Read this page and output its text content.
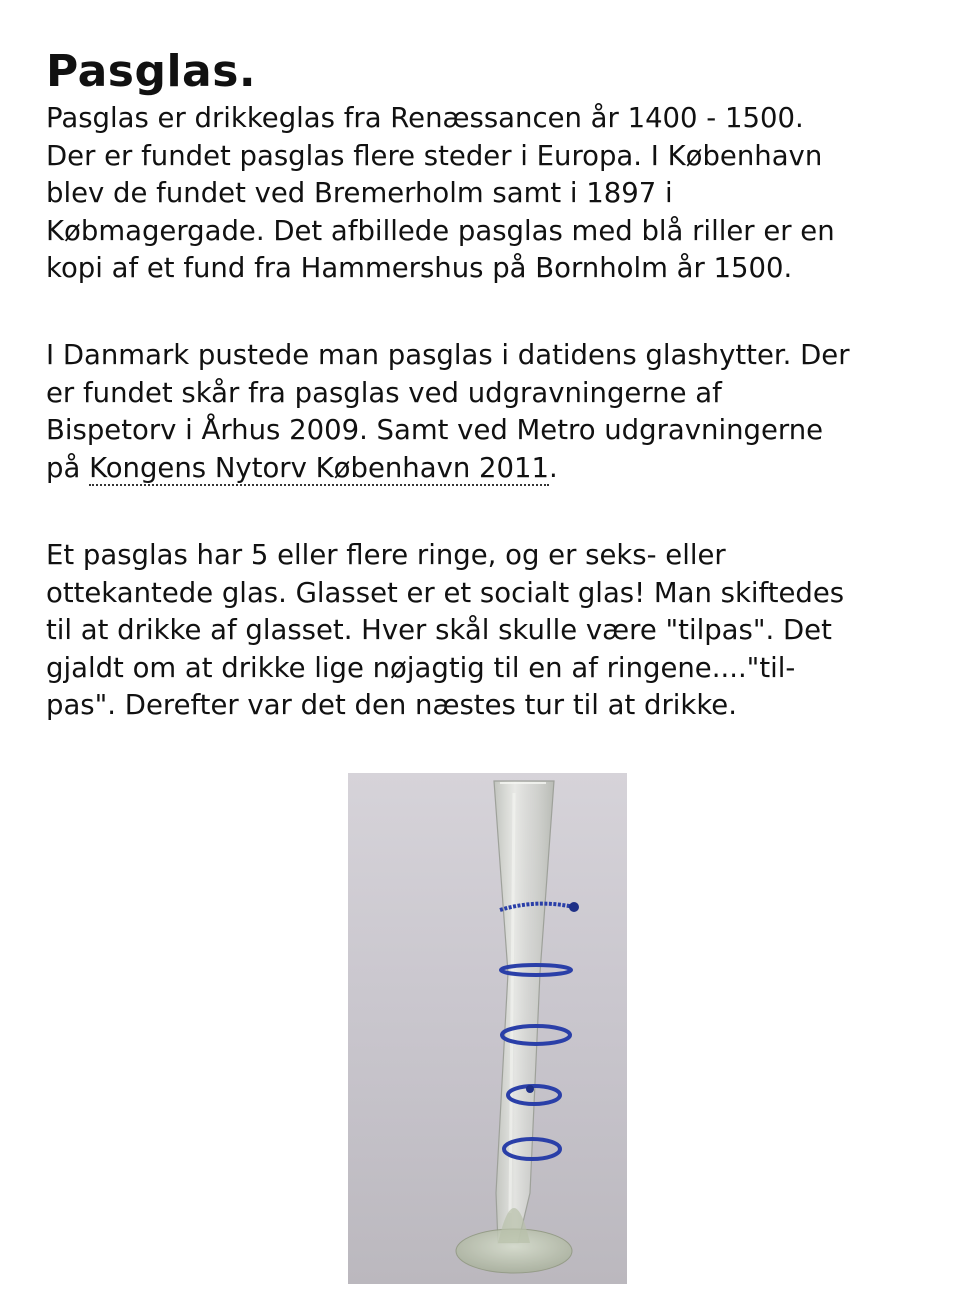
Pasglas.

Pasglas er drikkeglas fra Renæssancen år 1400 - 1500.
Der er fundet pasglas flere steder i Europa. I København
blev de fundet ved Bremerholm samt i 1897 i
Købmagergade. Det afbillede pasglas med blå riller er en
kopi af et fund fra Hammershus på Bornholm år 1500.

I Danmark pustede man pasglas i datidens glashytter. Der
er fundet skår fra pasglas ved udgravningerne af
Bispetorv i Århus 2009. Samt ved Metro udgravningerne
på Kongens Nytorv København 2011.

Et pasglas har 5 eller flere ringe, og er seks- eller
ottekantede glas. Glasset er et socialt glas! Man skiftedes
til at drikke af glasset. Hver skål skulle være "tilpas". Det
gjaldt om at drikke lige nøjagtig til en af ringene...."til-
pas". Derefter var det den næstes tur til at drikke.
